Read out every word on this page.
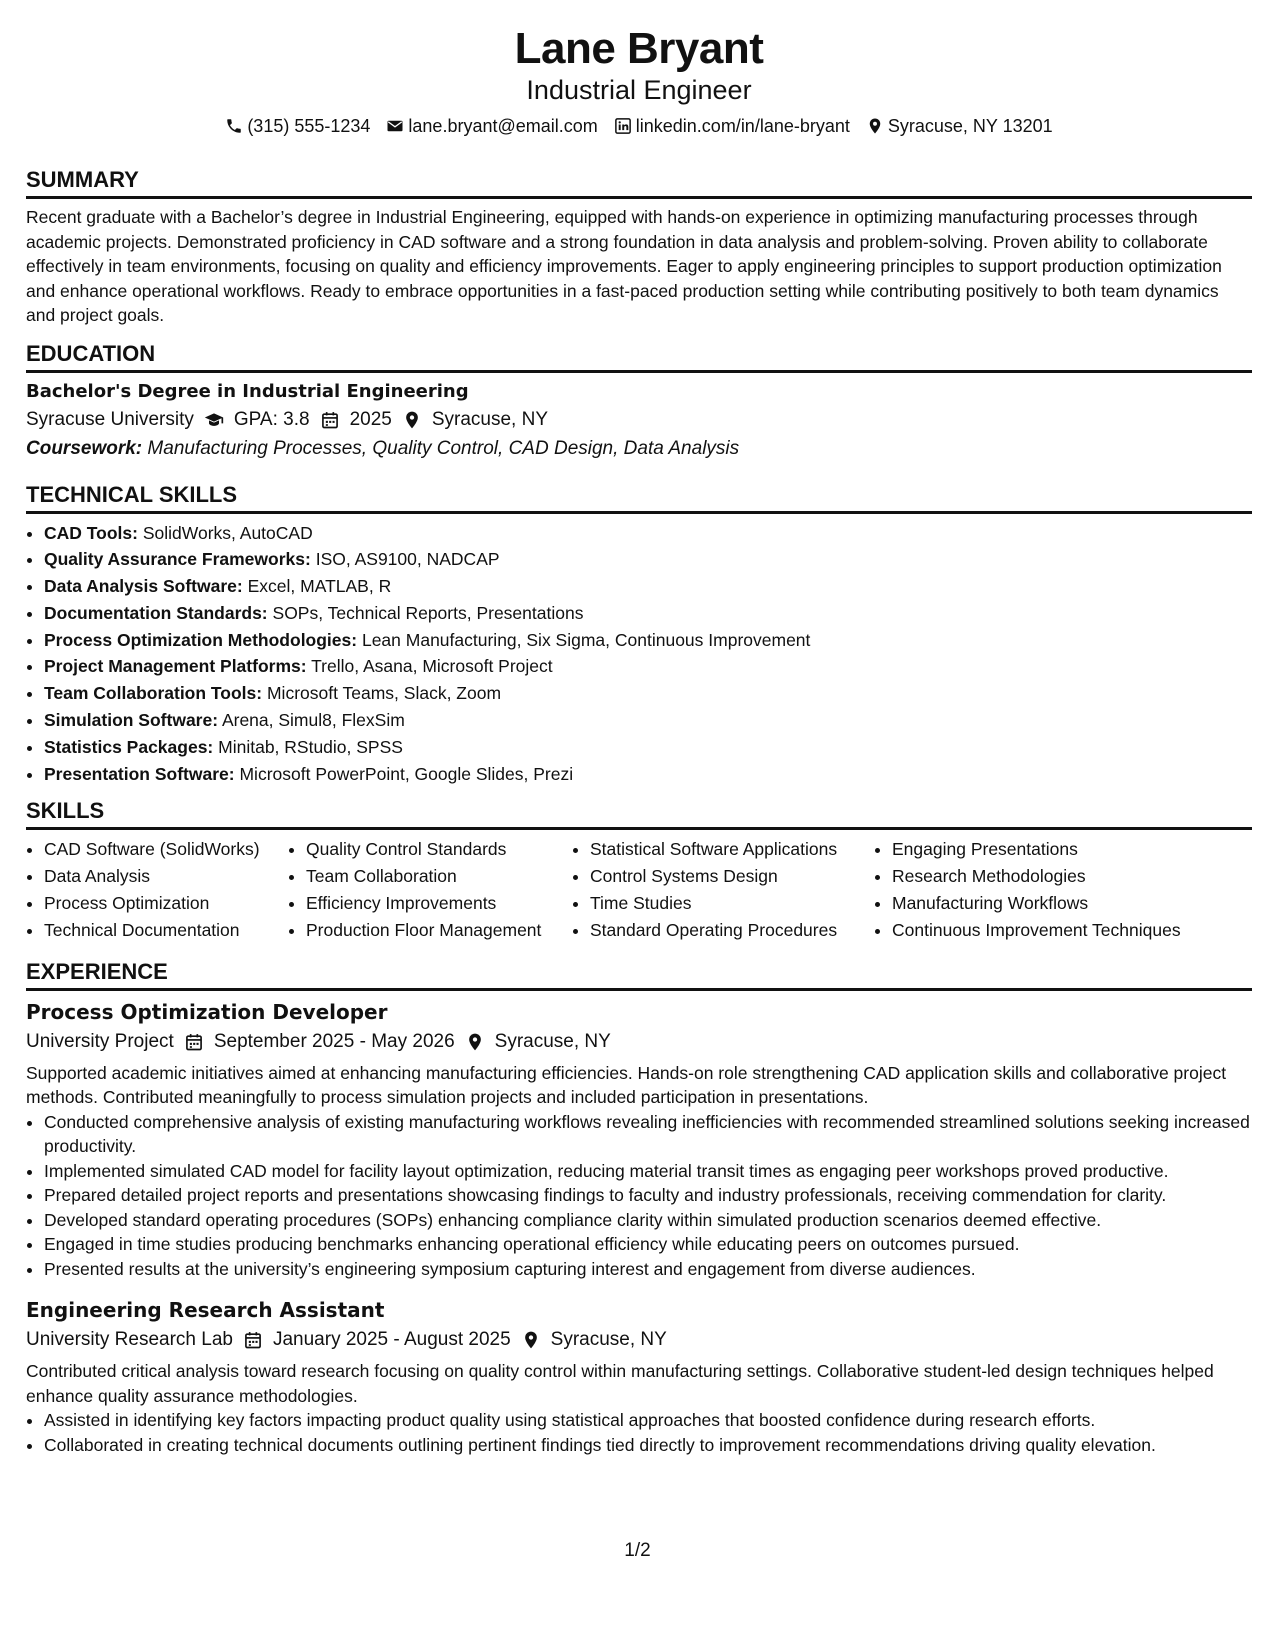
Lane Bryant
Industrial Engineer
(315) 555-1234 lane.bryant@email.com linkedin.com/in/lane-bryant Syracuse, NY 13201
SUMMARY

Recent graduate with a Bachelor’s degree in Industrial Engineering, equipped with hands-on experience in optimizing manufacturing processes through academic projects. Demonstrated proficiency in CAD software and a strong foundation in data analysis and problem-solving. Proven ability to collaborate effectively in team environments, focusing on quality and efficiency improvements. Eager to apply engineering principles to support production optimization and enhance operational workflows. Ready to embrace opportunities in a fast-paced production setting while contributing positively to both team dynamics and project goals.

EDUCATION
Bachelor's Degree in Industrial Engineering
Syracuse University GPA: 3.8 2025 Syracuse, NY

Coursework: Manufacturing Processes, Quality Control, CAD Design, Data Analysis

TECHNICAL SKILLS
• CAD Tools: SolidWorks, AutoCAD
• Quality Assurance Frameworks: ISO, AS9100, NADCAP
• Data Analysis Software: Excel, MATLAB, R
• Documentation Standards: SOPs, Technical Reports, Presentations
• Process Optimization Methodologies: Lean Manufacturing, Six Sigma, Continuous Improvement
• Project Management Platforms: Trello, Asana, Microsoft Project
• Team Collaboration Tools: Microsoft Teams, Slack, Zoom
• Simulation Software: Arena, Simul8, FlexSim
• Statistics Packages: Minitab, RStudio, SPSS
• Presentation Software: Microsoft PowerPoint, Google Slides, Prezi
SKILLS
• CAD Software (SolidWorks)
• Data Analysis
• Process Optimization
• Technical Documentation
• Quality Control Standards
• Team Collaboration
• Efficiency Improvements
• Production Floor Management
• Statistical Software Applications
• Control Systems Design
• Time Studies
• Standard Operating Procedures
• Engaging Presentations
• Research Methodologies
• Manufacturing Workflows
• Continuous Improvement Techniques
EXPERIENCE
Process Optimization Developer
University Project September 2025 - May 2026 Syracuse, NY

Supported academic initiatives aimed at enhancing manufacturing efficiencies. Hands-on role strengthening CAD application skills and collaborative project methods. Contributed meaningfully to process simulation projects and included participation in presentations.

• Conducted comprehensive analysis of existing manufacturing workflows revealing inefficiencies with recommended streamlined solutions seeking increased productivity.
• Implemented simulated CAD model for facility layout optimization, reducing material transit times as engaging peer workshops proved productive.
• Prepared detailed project reports and presentations showcasing findings to faculty and industry professionals, receiving commendation for clarity.
• Developed standard operating procedures (SOPs) enhancing compliance clarity within simulated production scenarios deemed effective.
• Engaged in time studies producing benchmarks enhancing operational efficiency while educating peers on outcomes pursued.
• Presented results at the university’s engineering symposium capturing interest and engagement from diverse audiences.
Engineering Research Assistant
University Research Lab January 2025 - August 2025 Syracuse, NY

Contributed critical analysis toward research focusing on quality control within manufacturing settings. Collaborative student-led design techniques helped enhance quality assurance methodologies.

• Assisted in identifying key factors impacting product quality using statistical approaches that boosted confidence during research efforts.
• Collaborated in creating technical documents outlining pertinent findings tied directly to improvement recommendations driving quality elevation.
1/2
